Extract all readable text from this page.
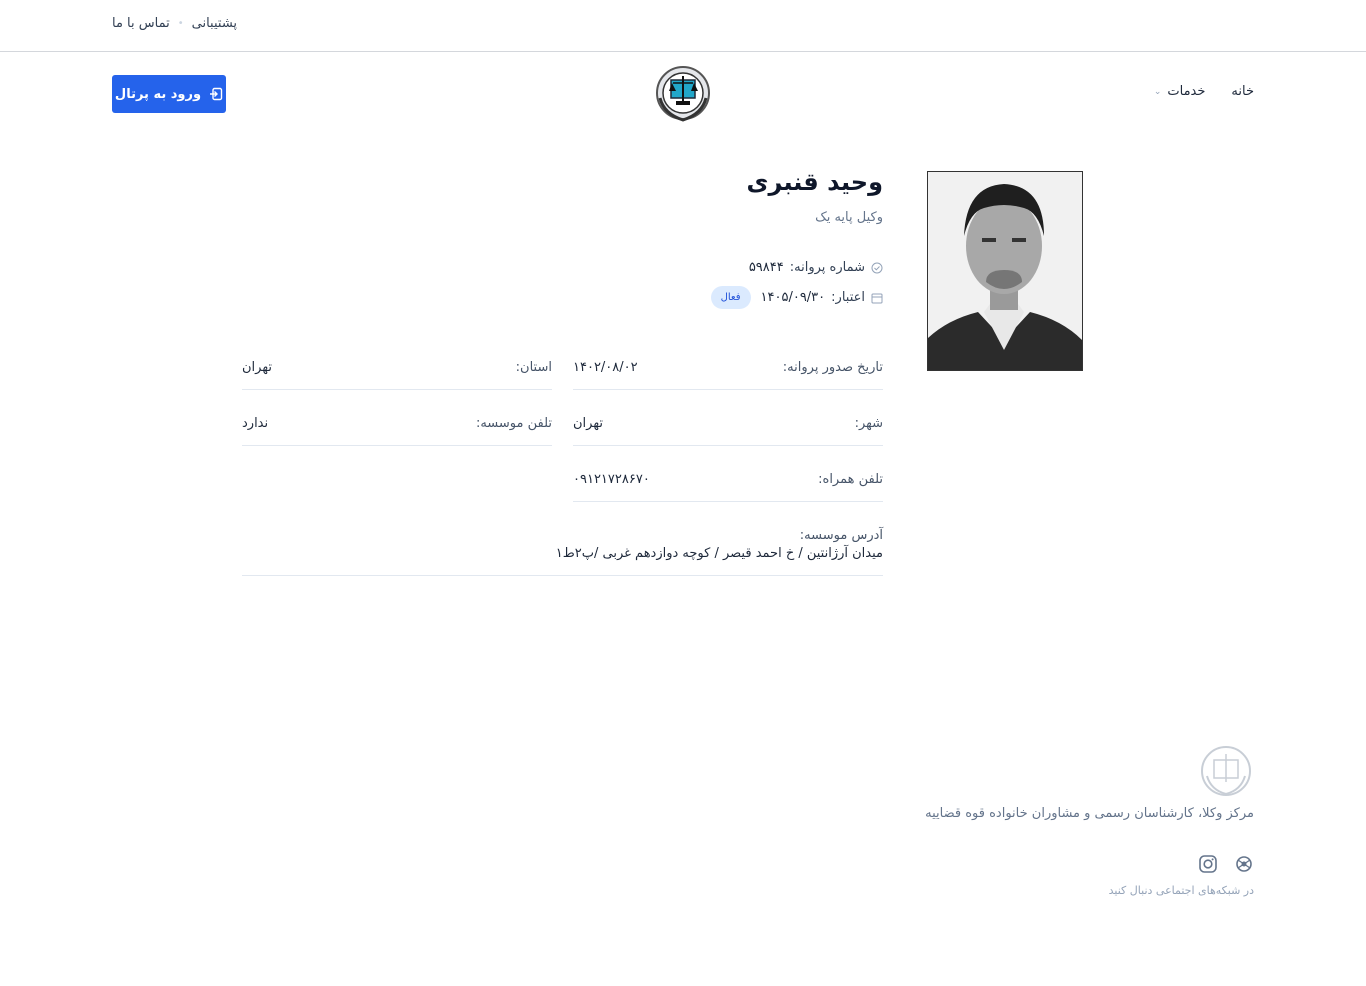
تماس با ما • پشتیبانی
خانه
خدمات
⌄
ورود به پرتال
وحید قنبری
وکیل پایه یک
شماره پروانه:
۵۹۸۴۴
اعتبار:
۱۴۰۵/۰۹/۳۰
فعال
تاریخ صدور پروانه:
۱۴۰۲/۰۸/۰۲
استان:
تهران
شهر:
تهران
تلفن موسسه:
ندارد
تلفن همراه:
۰۹۱۲۱۷۲۸۶۷۰
آدرس موسسه:
میدان آرژانتین / خ احمد قیصر / کوچه دوازدهم غربی /پ۲ط۱
مرکز وکلا، کارشناسان رسمی و مشاوران خانواده قوه قضاییه
در شبکه‌های اجتماعی دنبال کنید
